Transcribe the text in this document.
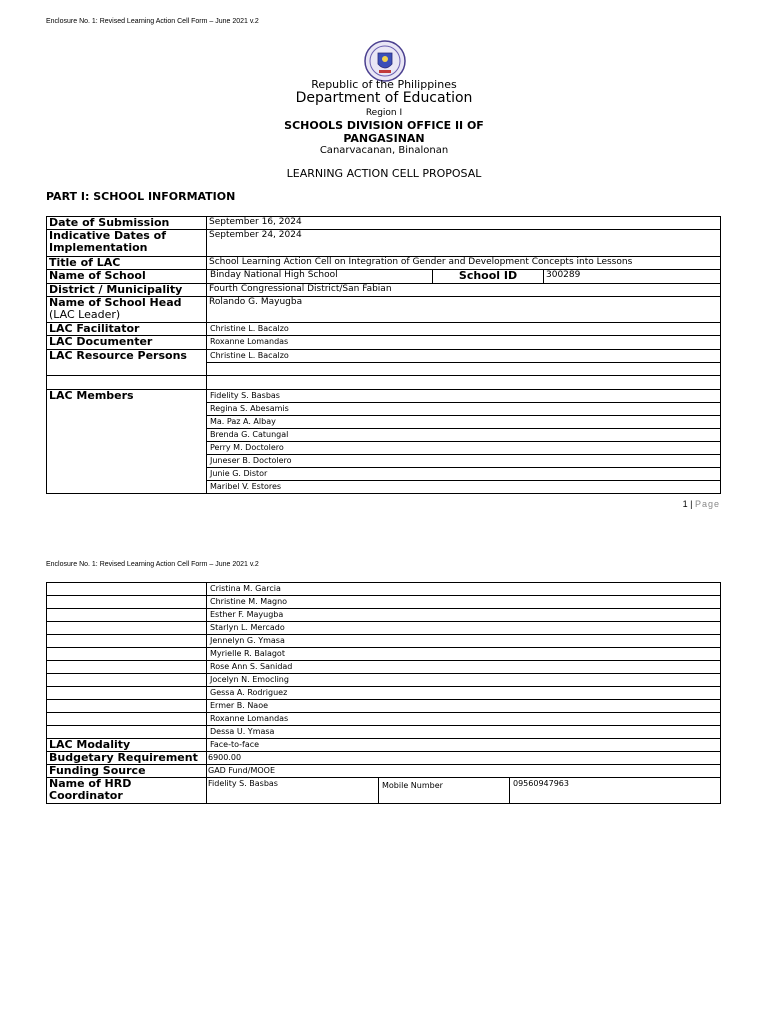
Enclosure No. 1: Revised Learning Action Cell Form – June 2021 v.2
Republic of the Philippines
Department of Education
Region I
SCHOOLS DIVISION OFFICE II OF
PANGASINAN
Canarvacanan, Binalonan
LEARNING ACTION CELL PROPOSAL
PART I: SCHOOL INFORMATION
Date of Submission	September 16, 2024		

Indicative Dates of
Implementation	September 24, 2024		
Title of LAC	School Learning Action Cell on Integration of Gender and Development Concepts into Lessons		
Name of School	Binday National High School	School ID	300289
District / Municipality	Fourth Congressional District/San Fabian		

Name of School Head
(LAC Leader)	Rolando G. Mayugba		
LAC Facilitator	Christine L. Bacalzo		
LAC Documenter	Roxanne Lomandas		
LAC Resource Persons	Christine L. Bacalzo		

LAC Members	Fidelity S. Basbas		
	Regina S. Abesamis		
	Ma. Paz A. Albay		
	Brenda G. Catungal		
	Perry M. Doctolero		
	Juneser B. Doctolero		
	Junie G. Distor		
	Maribel V. Estores		
1 | Page
Enclosure No. 1: Revised Learning Action Cell Form – June 2021 v.2
	Cristina M. Garcia		
	Christine M. Magno		
	Esther F. Mayugba		
	Starlyn L. Mercado		
	Jennelyn G. Ymasa		
	Myrielle R. Balagot		
	Rose Ann S. Sanidad		
	Jocelyn N. Emocling		
	Gessa A. Rodriguez		
	Ermer B. Naoe		
	Roxanne Lomandas		
	Dessa U. Ymasa		
LAC Modality	Face-to-face		
Budgetary Requirement	6900.00		
Funding Source	GAD Fund/MOOE		

Name of HRD
Coordinator	Fidelity S. Basbas	Mobile Number	09560947963
